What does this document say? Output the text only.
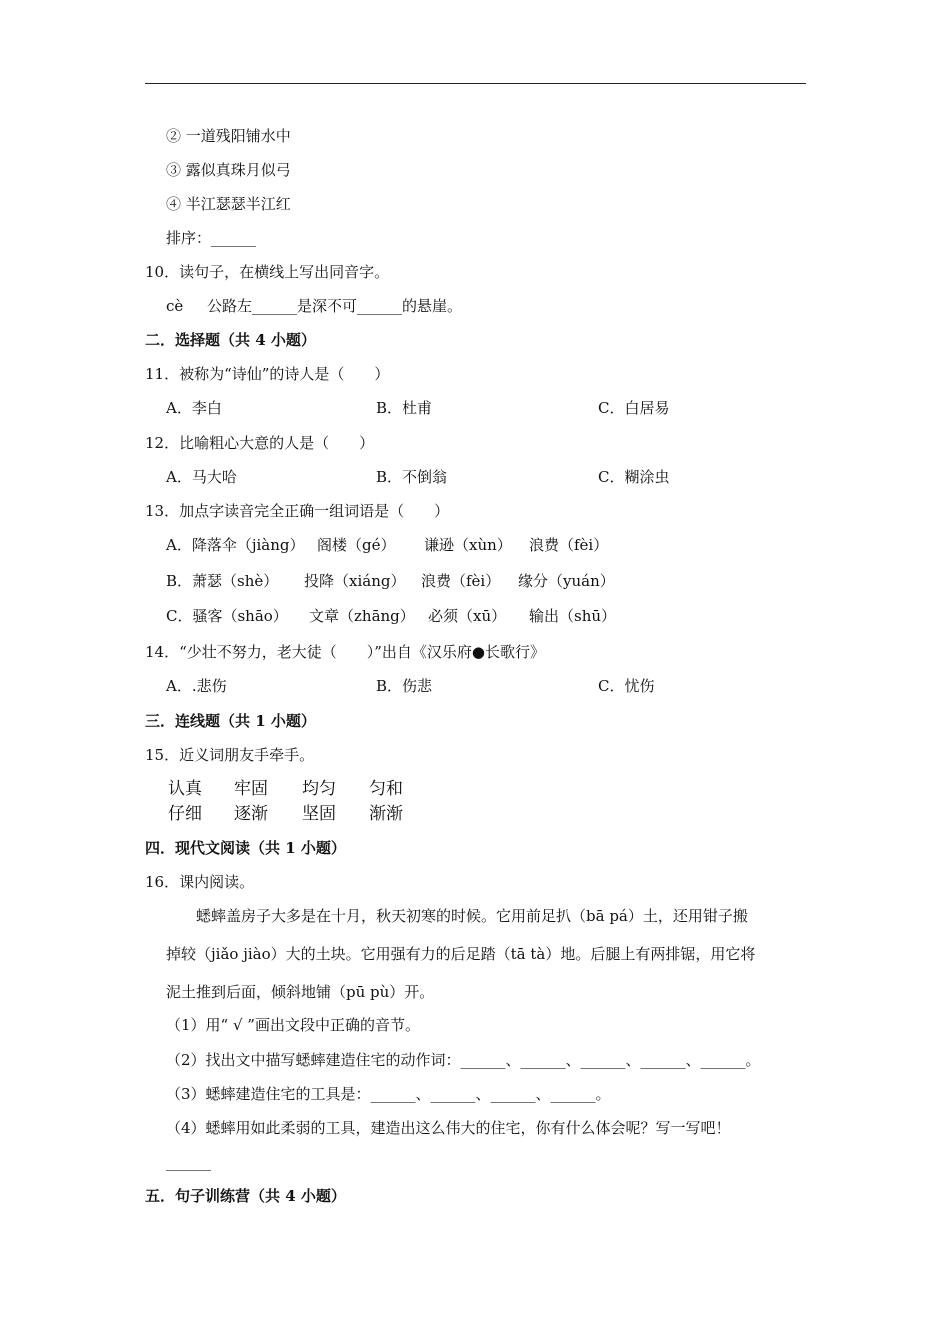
② 一道残阳铺水中
③ 露似真珠月似弓
④ 半江瑟瑟半江红
排序：______
10．读句子，在横线上写出同音字。
cè 公路左______是深不可______的悬崖。
二．选择题（共 4 小题）
11．被称为“诗仙”的诗人是（　　）
A．李白	B．杜甫	C．白居易
12．比喻粗心大意的人是（　　）
A．马大哈	B．不倒翁	C．糊涂虫
13．加点字读音完全正确一组词语是（　　）
A．降落伞（jiàng） 阁楼（gé） 谦逊（xùn） 浪费（fèi）
B．萧瑟（shè） 投降（xiáng） 浪费（fèi） 缘分（yuán）
C．骚客（shāo） 文章（zhāng） 必须（xū） 输出（shū）
14．“少壮不努力，老大徒（　　）”出自《汉乐府●长歌行》
A．.悲伤	B．伤悲	C．忧伤
三．连线题（共 1 小题）
15．近义词朋友手牵手。
认真 牢固 均匀 匀和
仔细 逐渐 坚固 渐渐
四．现代文阅读（共 1 小题）
16．课内阅读。
蟋蟀盖房子大多是在十月，秋天初寒的时候。它用前足扒（bā pá）土，还用钳子搬
掉较（jiǎo jiào）大的土块。它用强有力的后足踏（tā tà）地。后腿上有两排锯，用它将
泥土推到后面，倾斜地铺（pū pù）开。
（1）用“ √ ”画出文段中正确的音节。
（2）找出文中描写蟋蟀建造住宅的动作词：______、______、______、______、______。
（3）蟋蟀建造住宅的工具是：______、______、______、______。
（4）蟋蟀用如此柔弱的工具，建造出这么伟大的住宅，你有什么体会呢？写一写吧！
______
五．句子训练营（共 4 小题）
